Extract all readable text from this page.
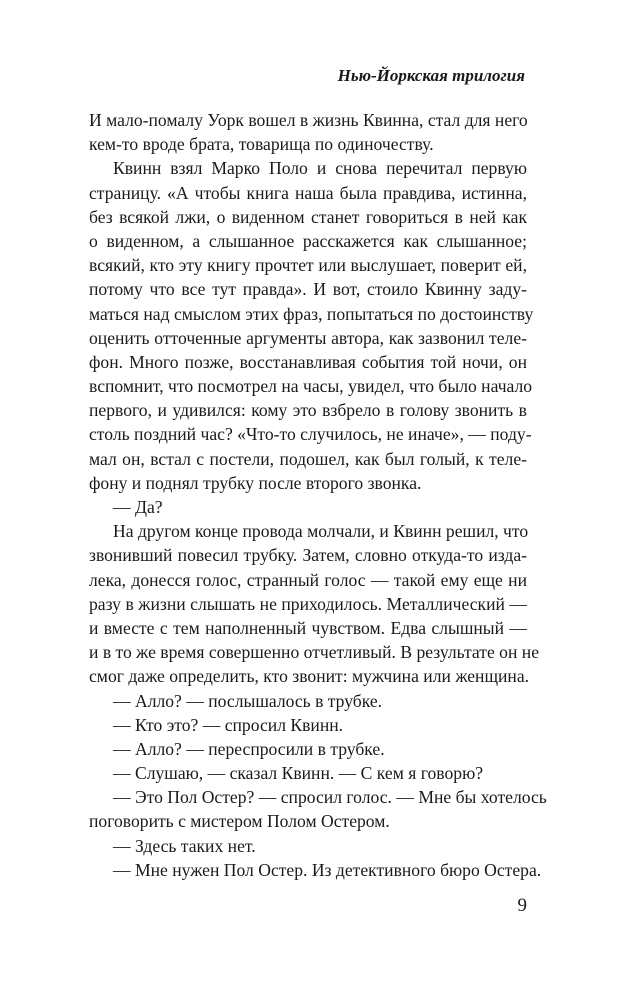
Нью-Йоркская трилогия
И мало-помалу Уорк вошел в жизнь Квинна, стал для него
кем-то вроде брата, товарища по одиночеству.
Квинн взял Марко Поло и снова перечитал первую
страницу. «А чтобы книга наша была правдива, истинна,
без всякой лжи, о виденном станет говориться в ней как
о виденном, а слышанное расскажется как слышанное;
всякий, кто эту книгу прочтет или выслушает, поверит ей,
потому что все тут правда». И вот, стоило Квинну заду-
маться над смыслом этих фраз, попытаться по достоинству
оценить отточенные аргументы автора, как зазвонил теле-
фон. Много позже, восстанавливая события той ночи, он
вспомнит, что посмотрел на часы, увидел, что было начало
первого, и удивился: кому это взбрело в голову звонить в
столь поздний час? «Что-то случилось, не иначе», — поду-
мал он, встал с постели, подошел, как был голый, к теле-
фону и поднял трубку после второго звонка.
— Да?
На другом конце провода молчали, и Квинн решил, что
звонивший повесил трубку. Затем, словно откуда-то изда-
лека, донесся голос, странный голос — такой ему еще ни
разу в жизни слышать не приходилось. Металлический —
и вместе с тем наполненный чувством. Едва слышный —
и в то же время совершенно отчетливый. В результате он не
смог даже определить, кто звонит: мужчина или женщина.
— Алло? — послышалось в трубке.
— Кто это? — спросил Квинн.
— Алло? — переспросили в трубке.
— Слушаю, — сказал Квинн. — С кем я говорю?
— Это Пол Остер? — спросил голос. — Мне бы хотелось
поговорить с мистером Полом Остером.
— Здесь таких нет.
— Мне нужен Пол Остер. Из детективного бюро Остера.
9
